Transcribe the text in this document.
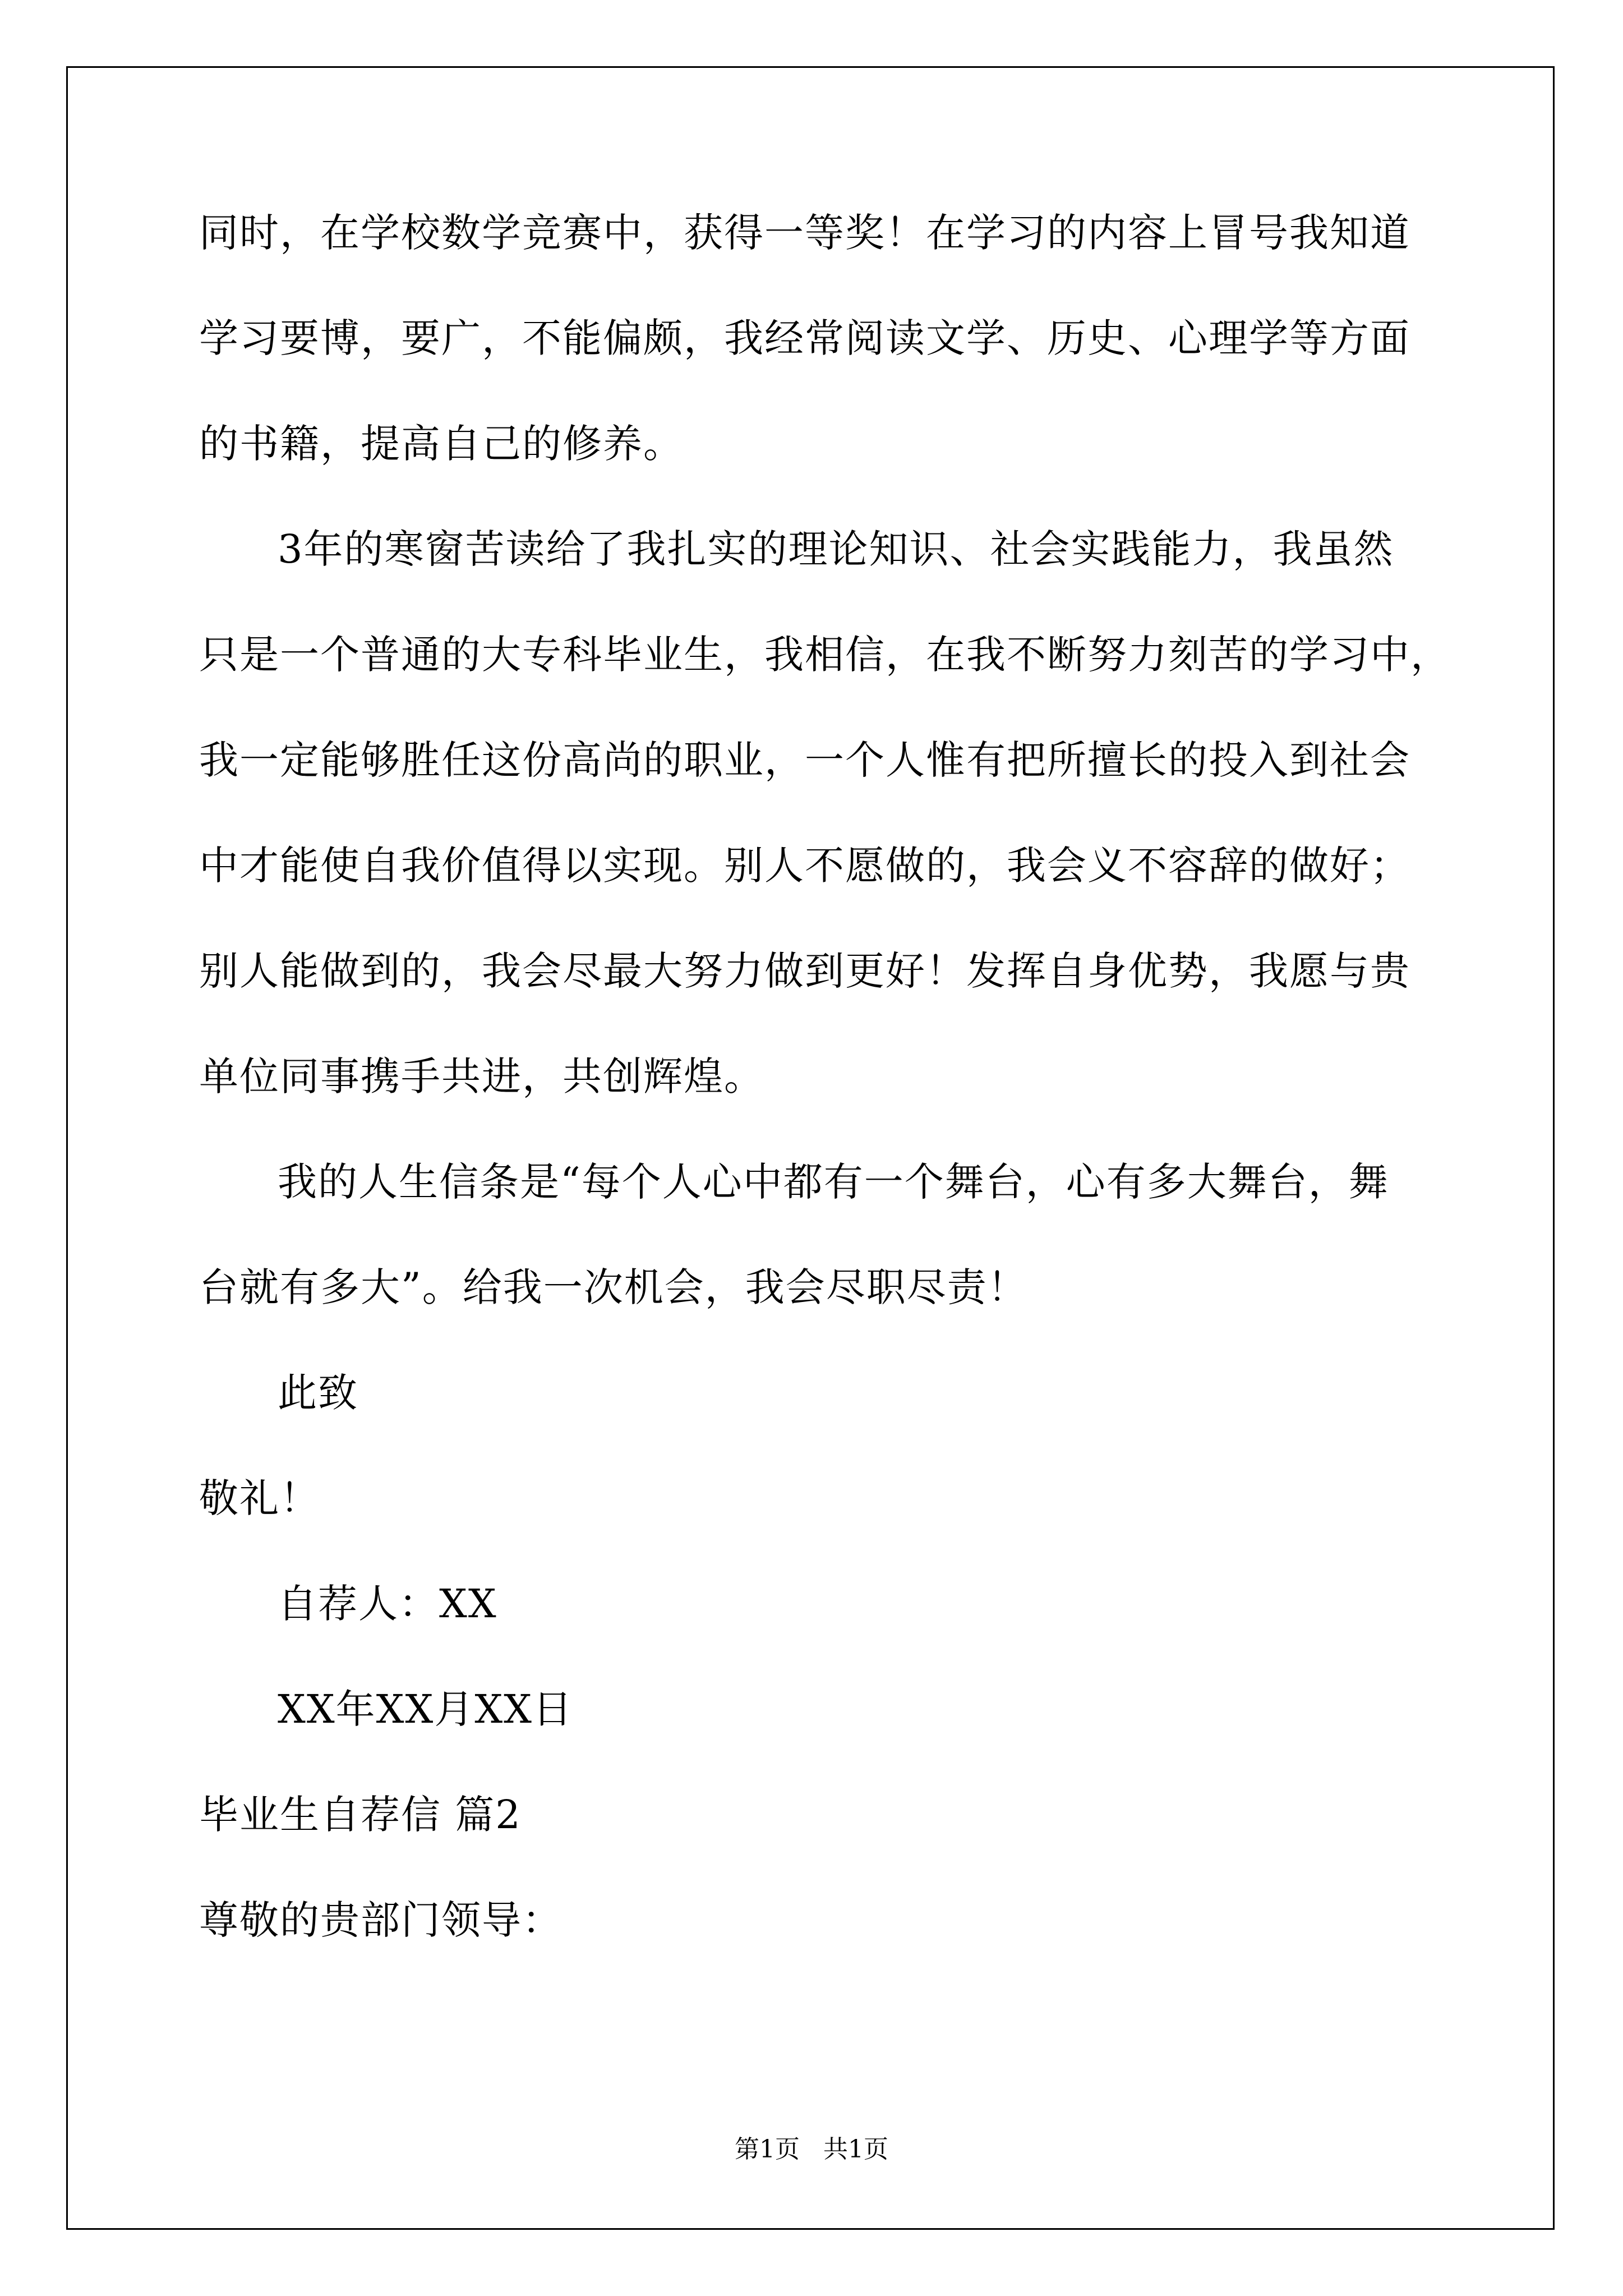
同时，在学校数学竞赛中，获得一等奖！在学习的内容上冒号我知道
学习要博，要广，不能偏颇，我经常阅读文学、历史、心理学等方面
的书籍，提高自己的修养。
3年的寒窗苦读给了我扎实的理论知识、社会实践能力，我虽然
只是一个普通的大专科毕业生，我相信，在我不断努力刻苦的学习中，
我一定能够胜任这份高尚的职业，一个人惟有把所擅长的投入到社会
中才能使自我价值得以实现。别人不愿做的，我会义不容辞的做好；
别人能做到的，我会尽最大努力做到更好！发挥自身优势，我愿与贵
单位同事携手共进，共创辉煌。
我的人生信条是“每个人心中都有一个舞台，心有多大舞台，舞
台就有多大”。给我一次机会，我会尽职尽责！
此致
敬礼！
自荐人：XX
XX年XX月XX日
毕业生自荐信 篇2
尊敬的贵部门领导：
第1页   共1页
